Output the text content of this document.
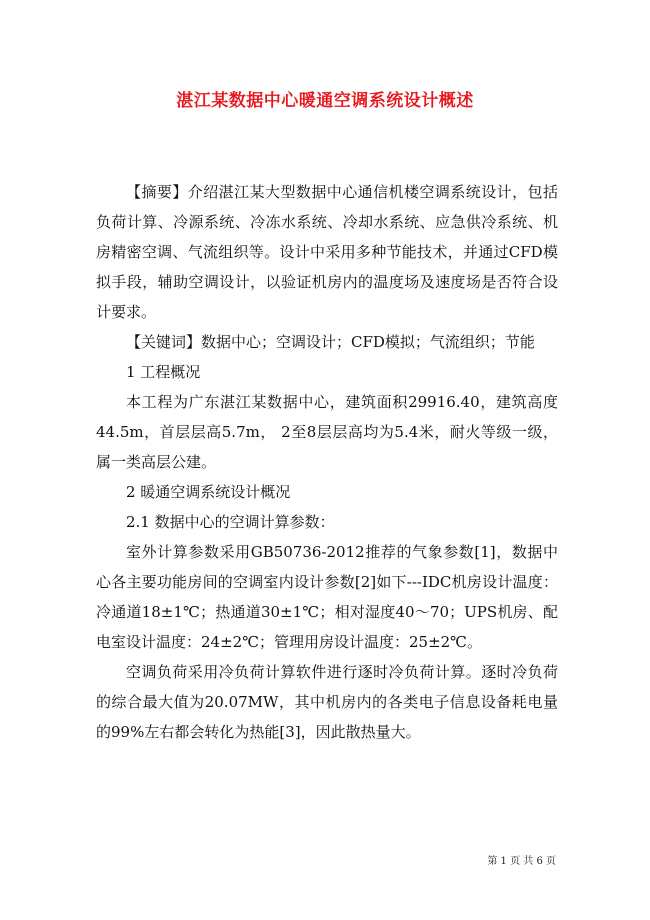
湛江某数据中心暖通空调系统设计概述

【摘要】介绍湛江某大型数据中心通信机楼空调系统设计，包括负荷计算、冷源系统、冷冻水系统、冷却水系统、应急供冷系统、机房精密空调、气流组织等。设计中采用多种节能技术，并通过CFD模拟手段，辅助空调设计，以验证机房内的温度场及速度场是否符合设计要求。

【关键词】数据中心；空调设计；CFD模拟；气流组织；节能

1 工程概况

本工程为广东湛江某数据中心，建筑面积29916.40，建筑高度44.5m，首层层高5.7m， 2至8层层高均为5.4米，耐火等级一级，属一类高层公建。

2 暖通空调系统设计概况

2.1 数据中心的空调计算参数：

室外计算参数采用GB50736-2012推荐的气象参数[1]，数据中心各主要功能房间的空调室内设计参数[2]如下---IDC机房设计温度：冷通道18±1℃；热通道30±1℃；相对湿度40～70；UPS机房、配电室设计温度：24±2℃；管理用房设计温度：25±2℃。

空调负荷采用冷负荷计算软件进行逐时冷负荷计算。逐时冷负荷的综合最大值为20.07MW，其中机房内的各类电子信息设备耗电量的99%左右都会转化为热能[3]，因此散热量大。

第 1 页 共 6 页
